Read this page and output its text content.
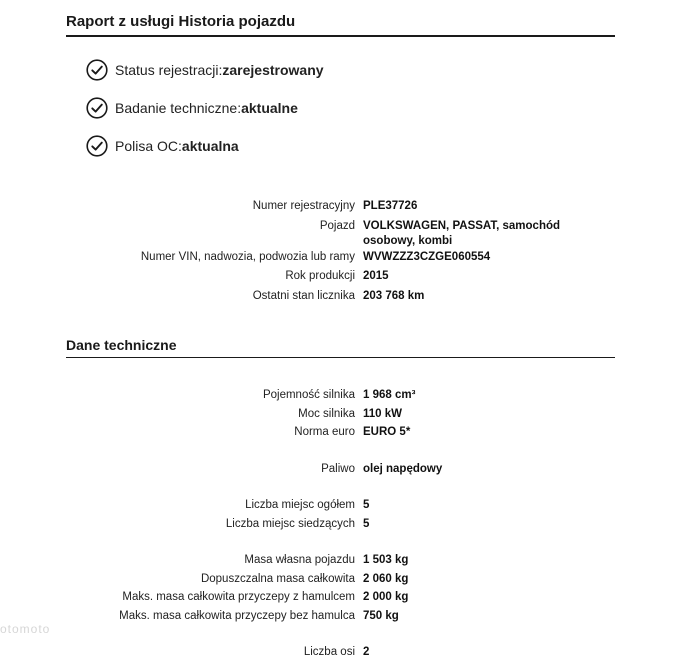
Raport z usługi Historia pojazdu
Status rejestracji: zarejestrowany
Badanie techniczne: aktualne
Polisa OC: aktualna
Numer rejestracyjny	PLE37726
Pojazd	VOLKSWAGEN, PASSAT, samochód osobowy, kombi
Numer VIN, nadwozia, podwozia lub ramy	WVWZZZ3CZGE060554
Rok produkcji	2015
Ostatni stan licznika	203 768 km
Dane techniczne
Pojemność silnika	1 968 cm³
Moc silnika	110 kW
Norma euro	EURO 5*

Paliwo	olej napędowy

Liczba miejsc ogółem	5
Liczba miejsc siedzących	5

Masa własna pojazdu	1 503 kg
Dopuszczalna masa całkowita	2 060 kg
Maks. masa całkowita przyczepy z hamulcem	2 000 kg
Maks. masa całkowita przyczepy bez hamulca	750 kg

Liczba osi	2
otomoto
